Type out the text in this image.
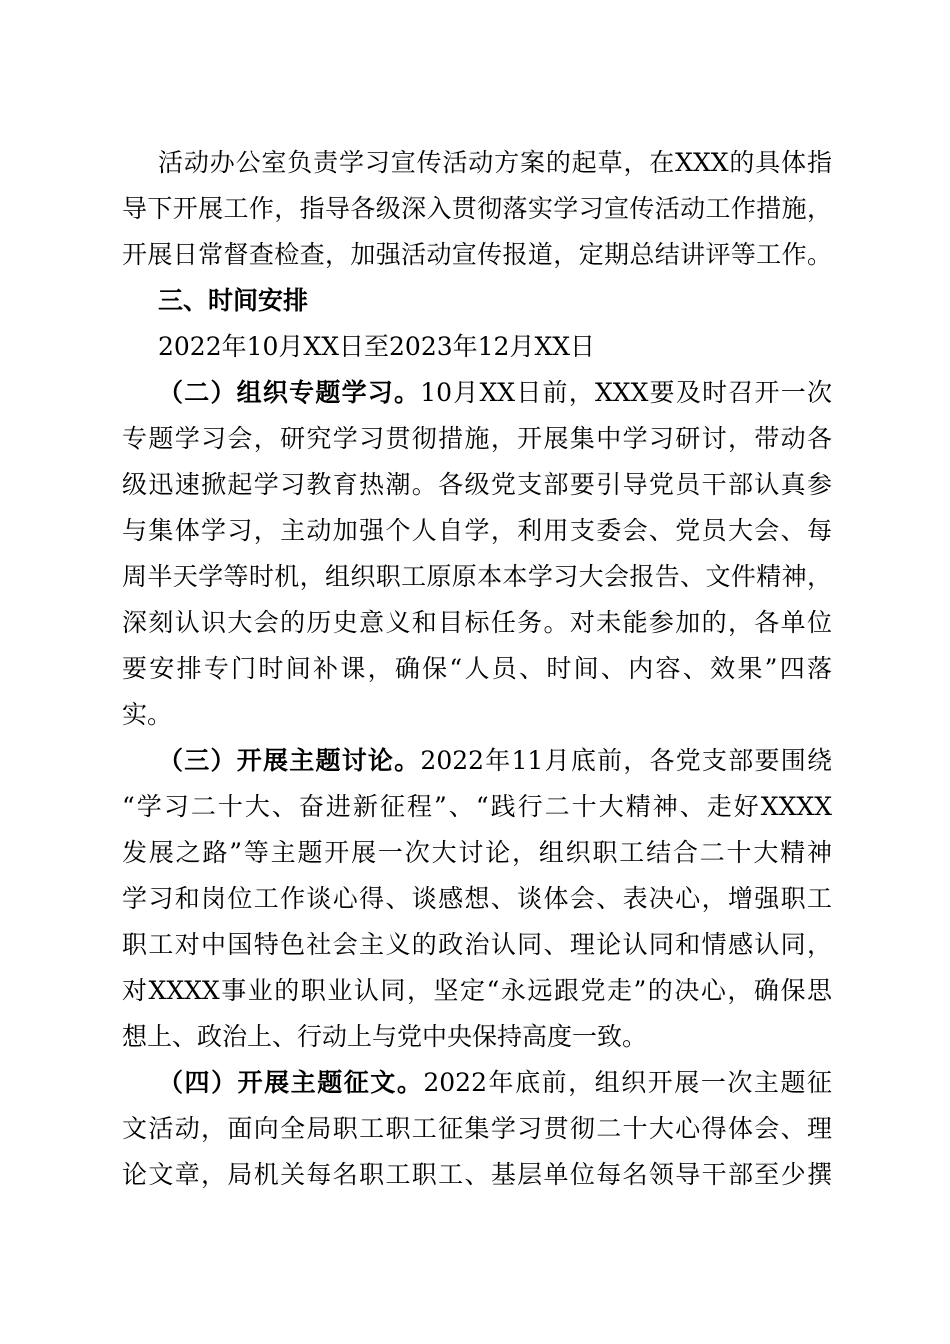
活动办公室负责学习宣传活动方案的起草，在XXX的具体指
导下开展工作，指导各级深入贯彻落实学习宣传活动工作措施，
开展日常督查检查，加强活动宣传报道，定期总结讲评等工作。
三、时间安排
2022年10月XX日至2023年12月XX日
（二）组织专题学习。10月XX日前，XXX要及时召开一次
专题学习会，研究学习贯彻措施，开展集中学习研讨，带动各
级迅速掀起学习教育热潮。各级党支部要引导党员干部认真参
与集体学习，主动加强个人自学，利用支委会、党员大会、每
周半天学等时机，组织职工原原本本学习大会报告、文件精神，
深刻认识大会的历史意义和目标任务。对未能参加的，各单位
要安排专门时间补课，确保“人员、时间、内容、效果”四落
实。
（三）开展主题讨论。2022年11月底前，各党支部要围绕
“学习二十大、奋进新征程”、“践行二十大精神、走好XXXX
发展之路”等主题开展一次大讨论，组织职工结合二十大精神
学习和岗位工作谈心得、谈感想、谈体会、表决心，增强职工
职工对中国特色社会主义的政治认同、理论认同和情感认同，
对XXXX事业的职业认同，坚定“永远跟党走”的决心，确保思
想上、政治上、行动上与党中央保持高度一致。
（四）开展主题征文。2022年底前，组织开展一次主题征
文活动，面向全局职工职工征集学习贯彻二十大心得体会、理
论文章，局机关每名职工职工、基层单位每名领导干部至少撰
